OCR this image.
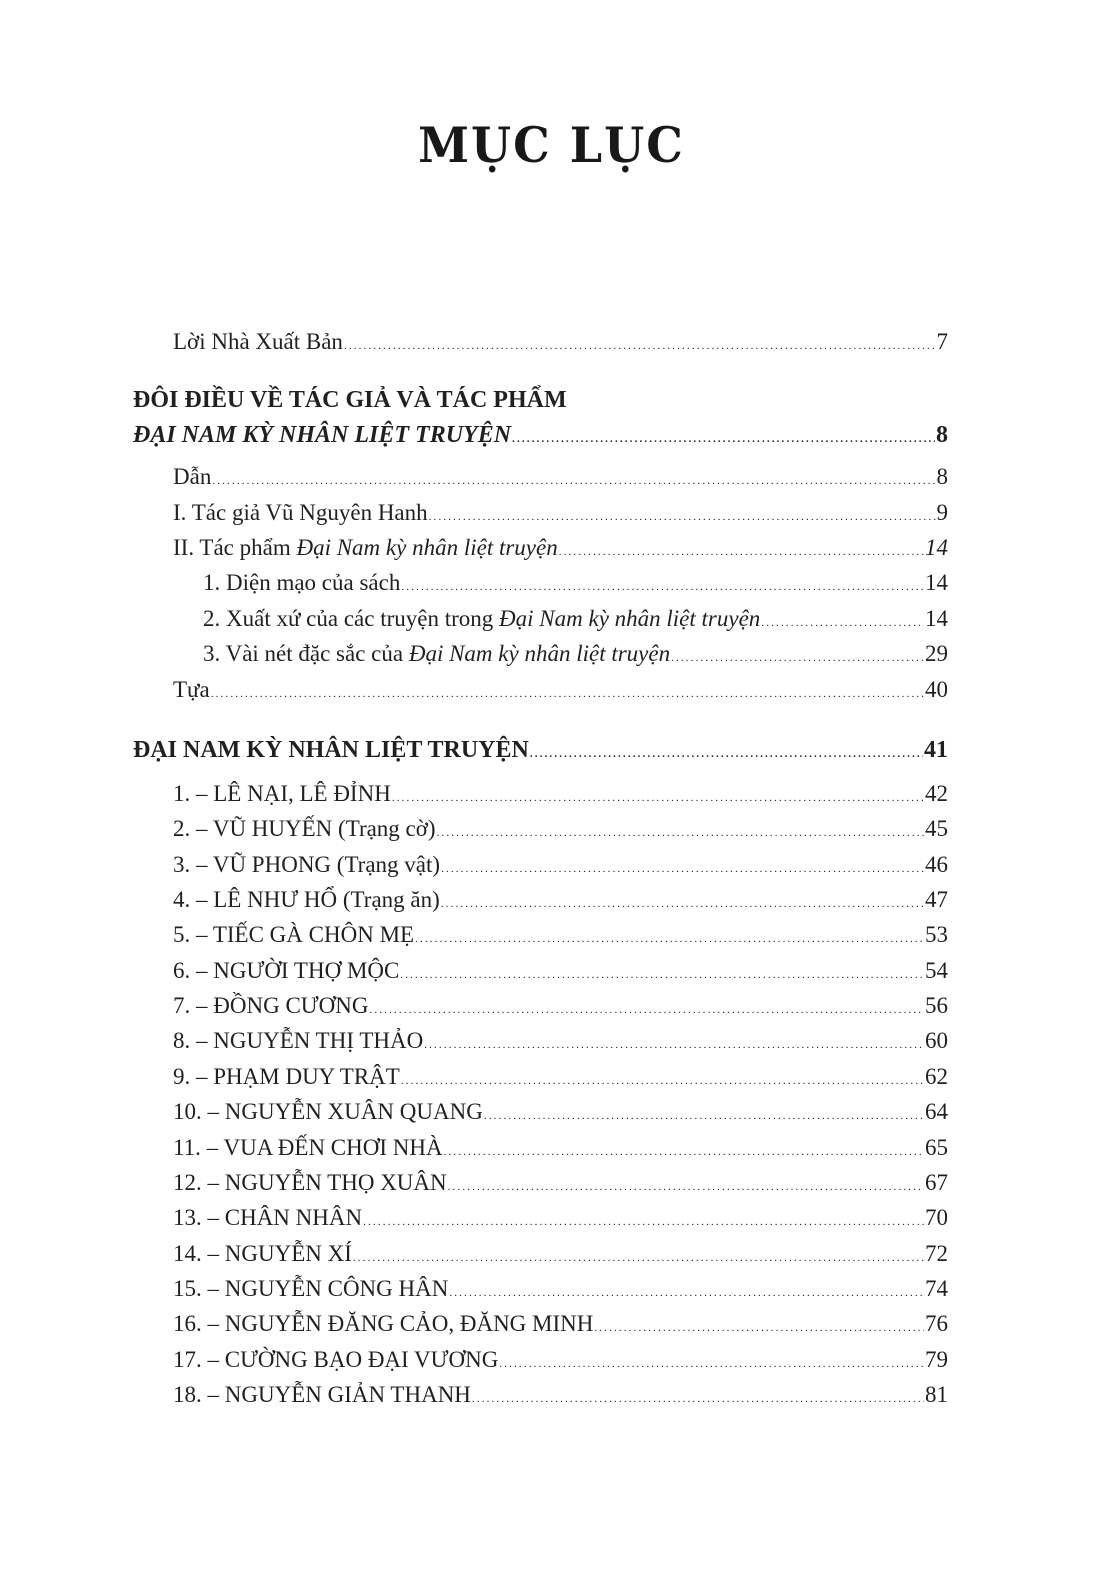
MỤC LỤC
Lời Nhà Xuất Bản . . .	7
ĐÔI ĐIỀU VỀ TÁC GIẢ VÀ TÁC PHẨM
ĐẠI NAM KỲ NHÂN LIỆT TRUYỆN . . .	8
Dẫn . . .	8
I. Tác giả Vũ Nguyên Hanh . . .	9
II. Tác phẩm Đại Nam kỳ nhân liệt truyện . . .	14
1. Diện mạo của sách . . .	14
2. Xuất xứ của các truyện trong Đại Nam kỳ nhân liệt truyện . . .	14
3. Vài nét đặc sắc của Đại Nam kỳ nhân liệt truyện . . .	29
Tựa . . .	40
ĐẠI NAM KỲ NHÂN LIỆT TRUYỆN . . .	41
1. – LÊ NẠI, LÊ ĐỈNH . . .	42
2. – VŨ HUYẾN (Trạng cờ) . . .	45
3. – VŨ PHONG (Trạng vật) . . .	46
4. – LÊ NHƯ HỔ (Trạng ăn) . . .	47
5. – TIẾC GÀ CHÔN MẸ . . .	53
6. – NGƯỜI THỢ MỘC . . .	54
7. – ĐỒNG CƯƠNG . . .	56
8. – NGUYỄN THỊ THẢO . . .	60
9. – PHẠM DUY TRẬT . . .	62
10. – NGUYỄN XUÂN QUANG . . .	64
11. – VUA ĐẾN CHƠI NHÀ . . .	65
12. – NGUYỄN THỌ XUÂN . . .	67
13. – CHÂN NHÂN . . .	70
14. – NGUYỄN XÍ . . .	72
15. – NGUYỄN CÔNG HÂN . . .	74
16. – NGUYỄN ĐĂNG CẢO, ĐĂNG MINH . . .	76
17. – CƯỜNG BẠO ĐẠI VƯƠNG . . .	79
18. – NGUYỄN GIẢN THANH . . .	81
